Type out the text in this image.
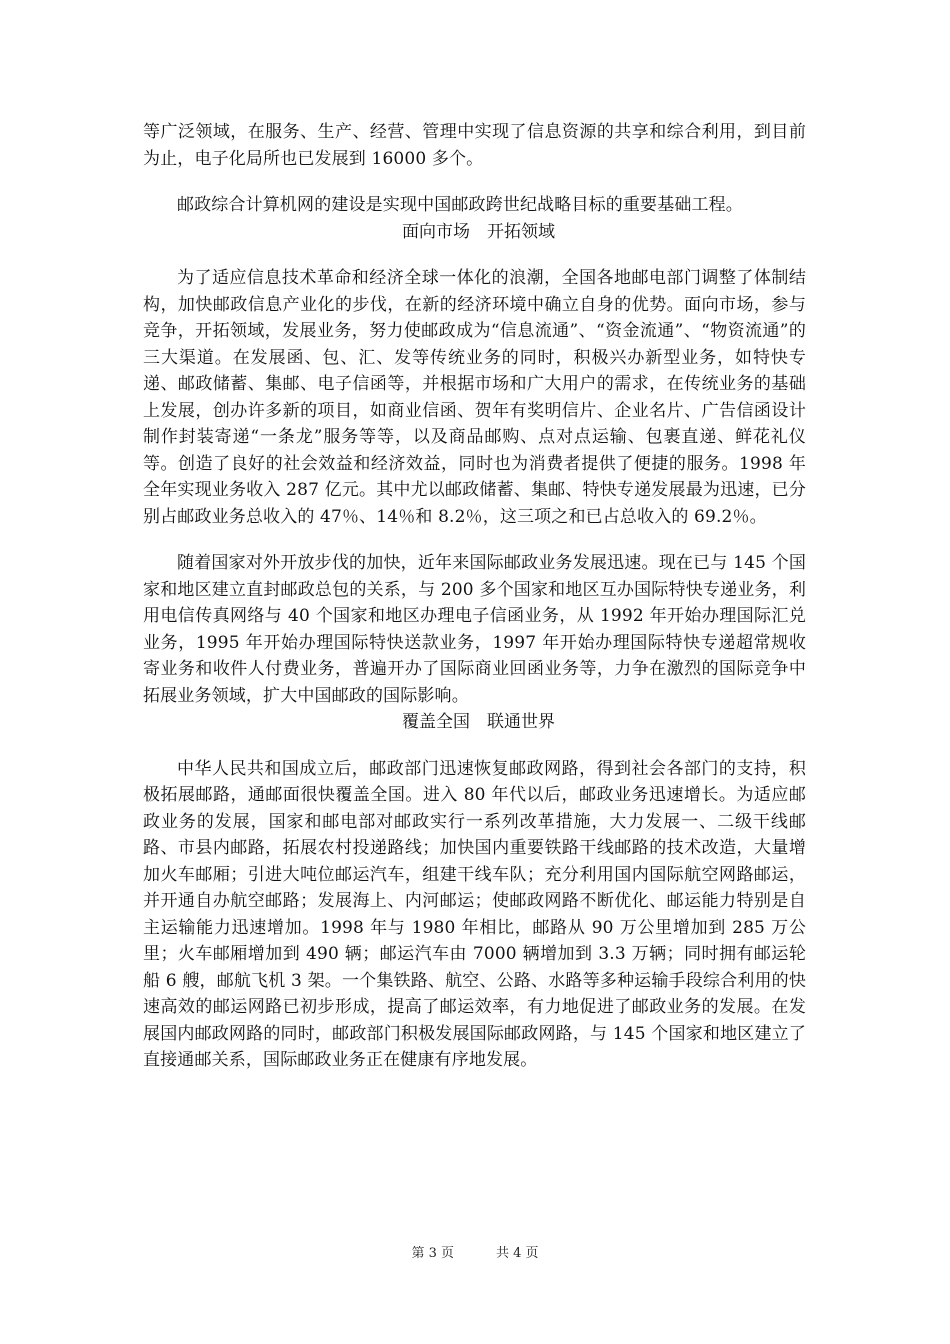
等广泛领域，在服务、生产、经营、管理中实现了信息资源的共享和综合利用，到目前为止，电子化局所也已发展到 16000 多个。

邮政综合计算机网的建设是实现中国邮政跨世纪战略目标的重要基础工程。

面向市场　开拓领域

为了适应信息技术革命和经济全球一体化的浪潮，全国各地邮电部门调整了体制结构，加快邮政信息产业化的步伐，在新的经济环境中确立自身的优势。面向市场，参与竞争，开拓领域，发展业务，努力使邮政成为“信息流通”、“资金流通”、“物资流通”的三大渠道。在发展函、包、汇、发等传统业务的同时，积极兴办新型业务，如特快专递、邮政储蓄、集邮、电子信函等，并根据市场和广大用户的需求，在传统业务的基础上发展，创办许多新的项目，如商业信函、贺年有奖明信片、企业名片、广告信函设计制作封装寄递“一条龙”服务等等，以及商品邮购、点对点运输、包裹直递、鲜花礼仪等。创造了良好的社会效益和经济效益，同时也为消费者提供了便捷的服务。1998 年全年实现业务收入 287 亿元。其中尤以邮政储蓄、集邮、特快专递发展最为迅速，已分别占邮政业务总收入的 47％、14％和 8.2％，这三项之和已占总收入的 69.2％。

随着国家对外开放步伐的加快，近年来国际邮政业务发展迅速。现在已与 145 个国家和地区建立直封邮政总包的关系，与 200 多个国家和地区互办国际特快专递业务，利用电信传真网络与 40 个国家和地区办理电子信函业务，从 1992 年开始办理国际汇兑业务，1995 年开始办理国际特快送款业务，1997 年开始办理国际特快专递超常规收寄业务和收件人付费业务，普遍开办了国际商业回函业务等，力争在激烈的国际竞争中拓展业务领域，扩大中国邮政的国际影响。

覆盖全国　联通世界

中华人民共和国成立后，邮政部门迅速恢复邮政网路，得到社会各部门的支持，积极拓展邮路，通邮面很快覆盖全国。进入 80 年代以后，邮政业务迅速增长。为适应邮政业务的发展，国家和邮电部对邮政实行一系列改革措施，大力发展一、二级干线邮路、市县内邮路，拓展农村投递路线；加快国内重要铁路干线邮路的技术改造，大量增加火车邮厢；引进大吨位邮运汽车，组建干线车队；充分利用国内国际航空网路邮运，并开通自办航空邮路；发展海上、内河邮运；使邮政网路不断优化、邮运能力特别是自主运输能力迅速增加。1998 年与 1980 年相比，邮路从 90 万公里增加到 285 万公里；火车邮厢增加到 490 辆；邮运汽车由 7000 辆增加到 3.3 万辆；同时拥有邮运轮船 6 艘，邮航飞机 3 架。一个集铁路、航空、公路、水路等多种运输手段综合利用的快速高效的邮运网路已初步形成，提高了邮运效率，有力地促进了邮政业务的发展。在发展国内邮政网路的同时，邮政部门积极发展国际邮政网路，与 145 个国家和地区建立了直接通邮关系，国际邮政业务正在健康有序地发展。

第 3 页	共 4 页
